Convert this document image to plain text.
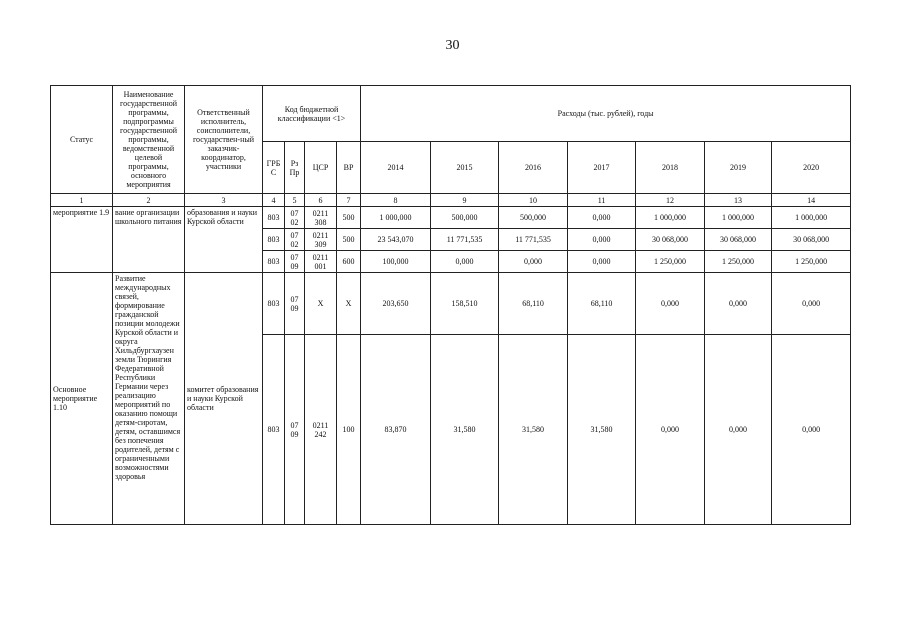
30
Статус	Наименование государственной программы, подпрограммы государственной программы, ведомственной целевой программы, основного мероприятия	Ответственный исполнитель, соисполнители, государствен-ный заказчик-координатор, участники	Код бюджетной классификации <1>				Расходы (тыс. рублей), годы						
			ГРБ С	Рз Пр	ЦСР	ВР	2014	2015	2016	2017	2018	2019	2020
1	2	3	4	5	6	7	8	9	10	11	12	13	14
мероприятие 1.9	вание организации школьного питания	образования и науки Курской области	803	07 02	0211 308	500	1 000,000	500,000	500,000	0,000	1 000,000	1 000,000	1 000,000
			803	07 02	0211 309	500	23 543,070	11 771,535	11 771,535	0,000	30 068,000	30 068,000	30 068,000
			803	07 09	0211 001	600	100,000	0,000	0,000	0,000	1 250,000	1 250,000	1 250,000
Основное мероприятие 1.10	Развитие международных связей, формирование гражданской позиции молодежи Курской области и округа Хильдбургхаузен земли Тюрингия Федеративной Республики Германии через реализацию мероприятий по оказанию помощи детям-сиротам, детям, оставшимся без попечения родителей, детям с ограниченными возможностями здоровья	комитет образования и науки Курской области	803	07 09	X	X	203,650	158,510	68,110	68,110	0,000	0,000	0,000
			803	07 09	0211 242	100	83,870	31,580	31,580	31,580	0,000	0,000	0,000
